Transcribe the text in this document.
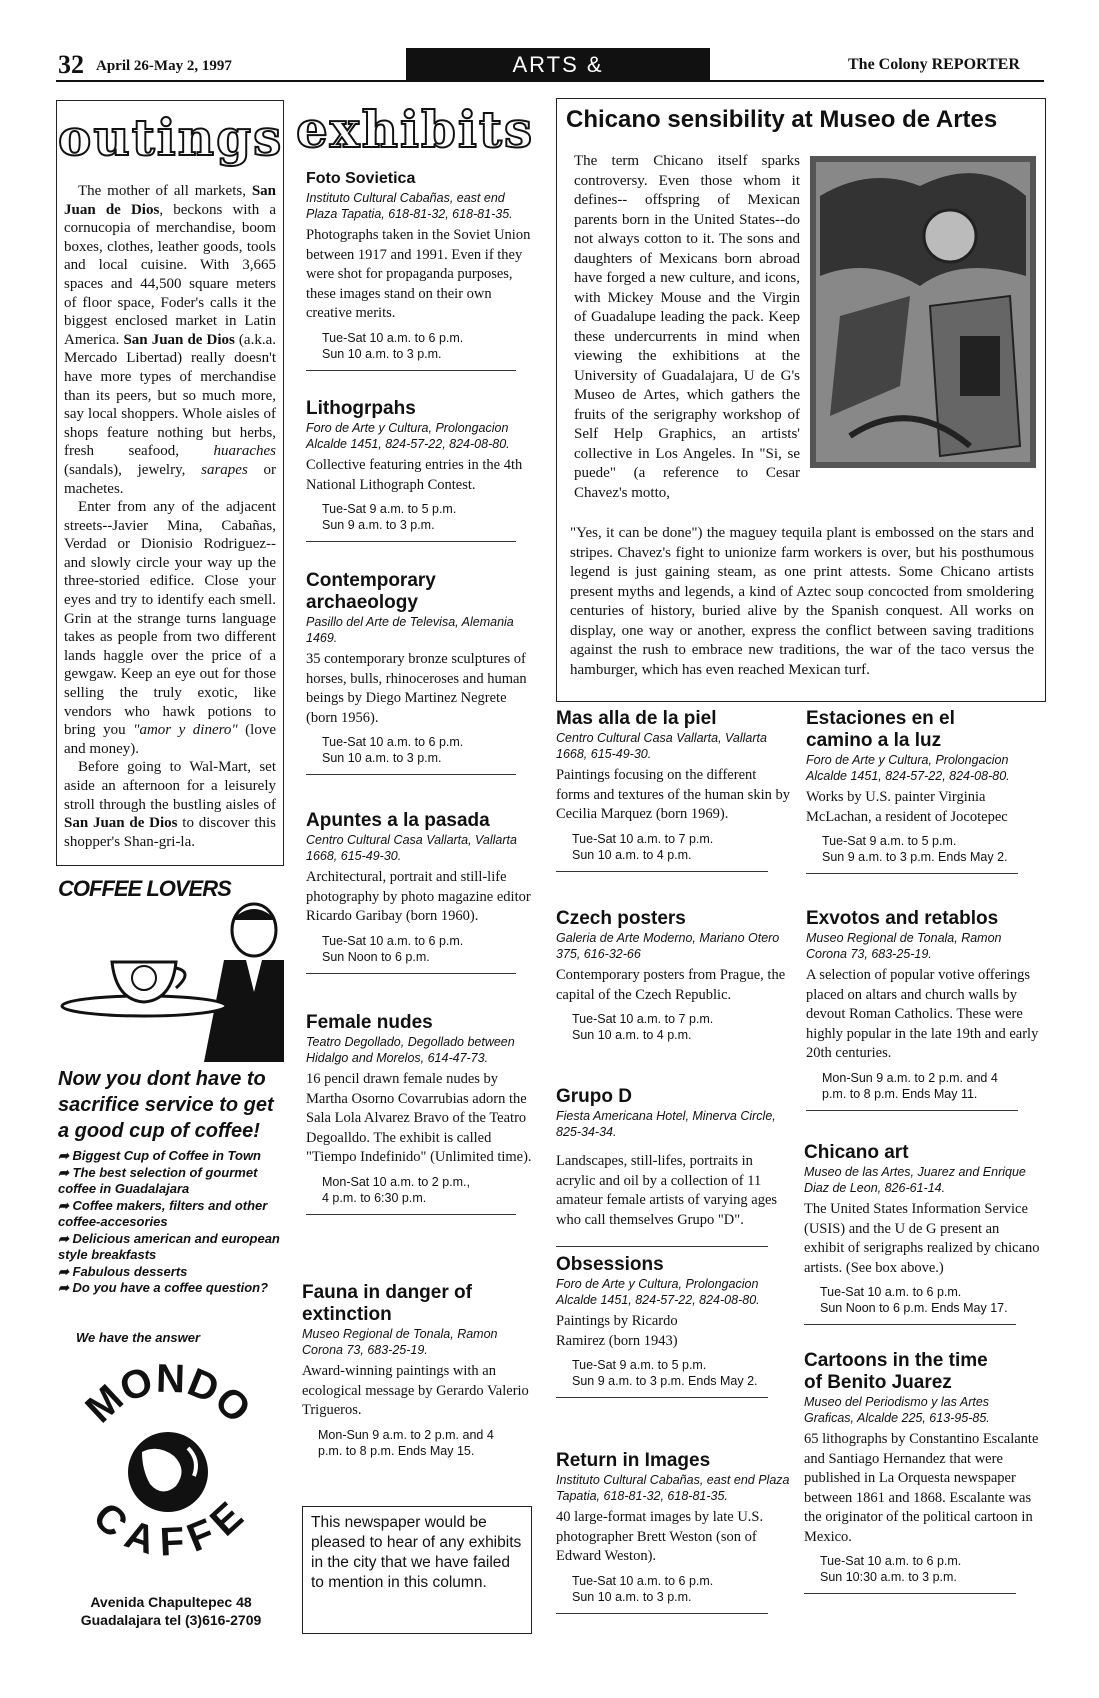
32 April 26-May 2, 1997	ARTS & ENTERTAINMENT
The Colony REPORTER
outings

The mother of all markets, San Juan de Dios, beckons with a cornucopia of merchandise, boom boxes, clothes, leather goods, tools and local cuisine. With 3,665 spaces and 44,500 square meters of floor space, Foder's calls it the biggest enclosed market in Latin America. San Juan de Dios (a.k.a. Mercado Libertad) really doesn't have more types of merchandise than its peers, but so much more, say local shoppers. Whole aisles of shops feature nothing but herbs, fresh seafood, huaraches (sandals), jewelry, sarapes or machetes.

Enter from any of the adjacent streets--Javier Mina, Cabañas, Verdad or Dionisio Rodriguez--and slowly circle your way up the three-storied edifice. Close your eyes and try to identify each smell. Grin at the strange turns language takes as people from two different lands haggle over the price of a gewgaw. Keep an eye out for those selling the truly exotic, like vendors who hawk potions to bring you "amor y dinero" (love and money).

Before going to Wal-Mart, set aside an afternoon for a leisurely stroll through the bustling aisles of San Juan de Dios to discover this shopper's Shan-gri-la.

COFFEE LOVERS
Now you dont have to sacrifice service to get a good cup of coffee!
➦ Biggest Cup of Coffee in Town
➦ The best selection of gourmet coffee in Guadalajara
➦ Coffee makers, filters and other coffee-accesories
➦ Delicious american and european style breakfasts
➦ Fabulous desserts
➦ Do you have a coffee question?
We have the answer
MONDO
CAFFE
Avenida Chapultepec 48
Guadalajara tel (3)616-2709
exhibits
Foto Sovietica
Instituto Cultural Cabañas, east end Plaza Tapatia, 618-81-32, 618-81-35.
Photographs taken in the Soviet Union between 1917 and 1991. Even if they were shot for propaganda purposes, these images stand on their own creative merits.
Tue-Sat 10 a.m. to 6 p.m.
Sun 10 a.m. to 3 p.m.
Lithogrpahs
Foro de Arte y Cultura, Prolongacion Alcalde 1451, 824-57-22, 824-08-80.
Collective featuring entries in the 4th National Lithograph Contest.
Tue-Sat 9 a.m. to 5 p.m.
Sun 9 a.m. to 3 p.m.
Contemporary archaeology
Pasillo del Arte de Televisa, Alemania 1469.
35 contemporary bronze sculptures of horses, bulls, rhinoceroses and human beings by Diego Martinez Negrete (born 1956).
Tue-Sat 10 a.m. to 6 p.m.
Sun 10 a.m. to 3 p.m.
Apuntes a la pasada
Centro Cultural Casa Vallarta, Vallarta 1668, 615-49-30.
Architectural, portrait and still-life photography by photo magazine editor Ricardo Garibay (born 1960).
Tue-Sat 10 a.m. to 6 p.m.
Sun Noon to 6 p.m.
Female nudes
Teatro Degollado, Degollado between Hidalgo and Morelos, 614-47-73.
16 pencil drawn female nudes by Martha Osorno Covarrubias adorn the Sala Lola Alvarez Bravo of the Teatro Degoalldo. The exhibit is called "Tiempo Indefinido" (Unlimited time).
Mon-Sat 10 a.m. to 2 p.m.,
4 p.m. to 6:30 p.m.
Fauna in danger of extinction
Museo Regional de Tonala, Ramon Corona 73, 683-25-19.
Award-winning paintings with an ecological message by Gerardo Valerio Trigueros.
Mon-Sun 9 a.m. to 2 p.m. and 4
p.m. to 8 p.m. Ends May 15.
This newspaper would be pleased to hear of any exhibits in the city that we have failed to mention in this column.
Chicano sensibility at Museo de Artes
The term Chicano itself sparks controversy. Even those whom it defines-- offspring of Mexican parents born in the United States--do not always cotton to it. The sons and daughters of Mexicans born abroad have forged a new culture, and icons, with Mickey Mouse and the Virgin of Guadalupe leading the pack. Keep these undercurrents in mind when viewing the exhibitions at the University of Guadalajara, U de G's Museo de Artes, which gathers the fruits of the serigraphy workshop of Self Help Graphics, an artists' collective in Los Angeles. In "Si, se puede" (a reference to Cesar Chavez's motto,
"Yes, it can be done") the maguey tequila plant is embossed on the stars and stripes. Chavez's fight to unionize farm workers is over, but his posthumous legend is just gaining steam, as one print attests. Some Chicano artists present myths and legends, a kind of Aztec soup concocted from smoldering centuries of history, buried alive by the Spanish conquest. All works on display, one way or another, express the conflict between saving traditions against the rush to embrace new traditions, the war of the taco versus the hamburger, which has even reached Mexican turf.
Mas alla de la piel
Centro Cultural Casa Vallarta, Vallarta 1668, 615-49-30.
Paintings focusing on the different forms and textures of the human skin by Cecilia Marquez (born 1969).
Tue-Sat 10 a.m. to 7 p.m.
Sun 10 a.m. to 4 p.m.
Czech posters
Galeria de Arte Moderno, Mariano Otero 375, 616-32-66
Contemporary posters from Prague, the capital of the Czech Republic.
Tue-Sat 10 a.m. to 7 p.m.
Sun 10 a.m. to 4 p.m.
Grupo D
Fiesta Americana Hotel, Minerva Circle, 825-34-34.
Landscapes, still-lifes, portraits in acrylic and oil by a collection of 11 amateur female artists of varying ages who call themselves Grupo "D".
Obsessions
Foro de Arte y Cultura, Prolongacion Alcalde 1451, 824-57-22, 824-08-80.
Paintings by Ricardo Ramirez (born 1943)
Tue-Sat 9 a.m. to 5 p.m.
Sun 9 a.m. to 3 p.m. Ends May 2.
Return in Images
Instituto Cultural Cabañas, east end Plaza Tapatia, 618-81-32, 618-81-35.
40 large-format images by late U.S. photographer Brett Weston (son of Edward Weston).
Tue-Sat 10 a.m. to 6 p.m.
Sun 10 a.m. to 3 p.m.
Estaciones en el camino a la luz
Foro de Arte y Cultura, Prolongacion Alcalde 1451, 824-57-22, 824-08-80.
Works by U.S. painter Virginia McLachan, a resident of Jocotepec
Tue-Sat 9 a.m. to 5 p.m.
Sun 9 a.m. to 3 p.m. Ends May 2.
Exvotos and retablos
Museo Regional de Tonala, Ramon Corona 73, 683-25-19.
A selection of popular votive offerings placed on altars and church walls by devout Roman Catholics. These were highly popular in the late 19th and early 20th centuries.
Mon-Sun 9 a.m. to 2 p.m. and 4
p.m. to 8 p.m. Ends May 11.
Chicano art
Museo de las Artes, Juarez and Enrique Diaz de Leon, 826-61-14.
The United States Information Service (USIS) and the U de G present an exhibit of serigraphs realized by chicano artists. (See box above.)
Tue-Sat 10 a.m. to 6 p.m.
Sun Noon to 6 p.m. Ends May 17.
Cartoons in the time of Benito Juarez
Museo del Periodismo y las Artes Graficas, Alcalde 225, 613-95-85.
65 lithographs by Constantino Escalante and Santiago Hernandez that were published in La Orquesta newspaper between 1861 and 1868. Escalante was the originator of the political cartoon in Mexico.
Tue-Sat 10 a.m. to 6 p.m.
Sun 10:30 a.m. to 3 p.m.
